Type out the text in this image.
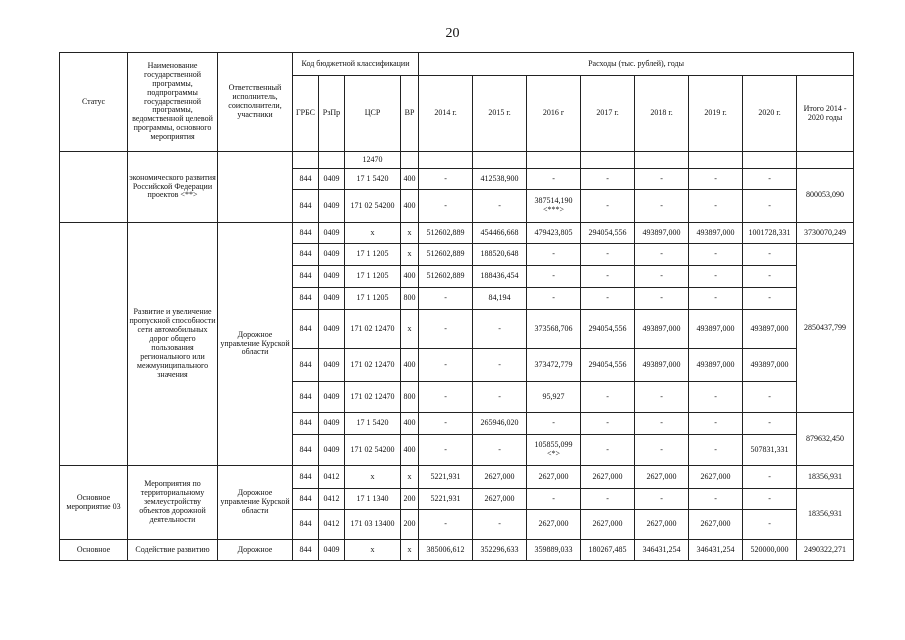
20
Статус	Наименование государственной программы, подпрограммы государственной программы, ведомственной целевой программы, основного мероприятия	Ответственный исполнитель, соисполнители, участники	Код бюджетной классификации				Расходы (тыс. рублей), годы							
			ГРБС	РзПр	ЦСР	ВР	2014 г.	2015 г.	2016 г	2017 г.	2018 г.	2019 г.	2020 г.	Итого 2014 - 2020 годы
	экономического развития Российской Федерации проектов <**>				12470									
			844	0409	17 1 5420	400	-	412538,900	-	-	-	-	-	800053,090
			844	0409	171 02 54200	400	-	-	387514,190 <***>	-	-	-	-	
	Развитие и увеличение пропускной способности сети автомобильных дорог общего пользования регионального или межмуниципального значения	Дорожное управление Курской области	844	0409	x	x	512602,889	454466,668	479423,805	294054,556	493897,000	493897,000	1001728,331	3730070,249
			844	0409	17 1 1205	x	512602,889	188520,648	-	-	-	-	-	2850437,799
			844	0409	17 1 1205	400	512602,889	188436,454	-	-	-	-	-	
			844	0409	17 1 1205	800	-	84,194	-	-	-	-	-	
			844	0409	171 02 12470	x	-	-	373568,706	294054,556	493897,000	493897,000	493897,000	
			844	0409	171 02 12470	400	-	-	373472,779	294054,556	493897,000	493897,000	493897,000	
			844	0409	171 02 12470	800	-	-	95,927	-	-	-	-	
			844	0409	17 1 5420	400	-	265946,020	-	-	-	-	-	879632,450
			844	0409	171 02 54200	400	-	-	105855,099 <*>	-	-	-	507831,331	
Основное мероприятие 03	Мероприятия по территориальному землеустройству объектов дорожной деятельности	Дорожное управление Курской области	844	0412	x	x	5221,931	2627,000	2627,000	2627,000	2627,000	2627,000	-	18356,931
			844	0412	17 1 1340	200	5221,931	2627,000	-	-	-	-	-	18356,931
			844	0412	171 03 13400	200	-	-	2627,000	2627,000	2627,000	2627,000	-	
Основное	Содействие развитию	Дорожное	844	0409	x	x	385006,612	352296,633	359889,033	180267,485	346431,254	346431,254	520000,000	2490322,271
